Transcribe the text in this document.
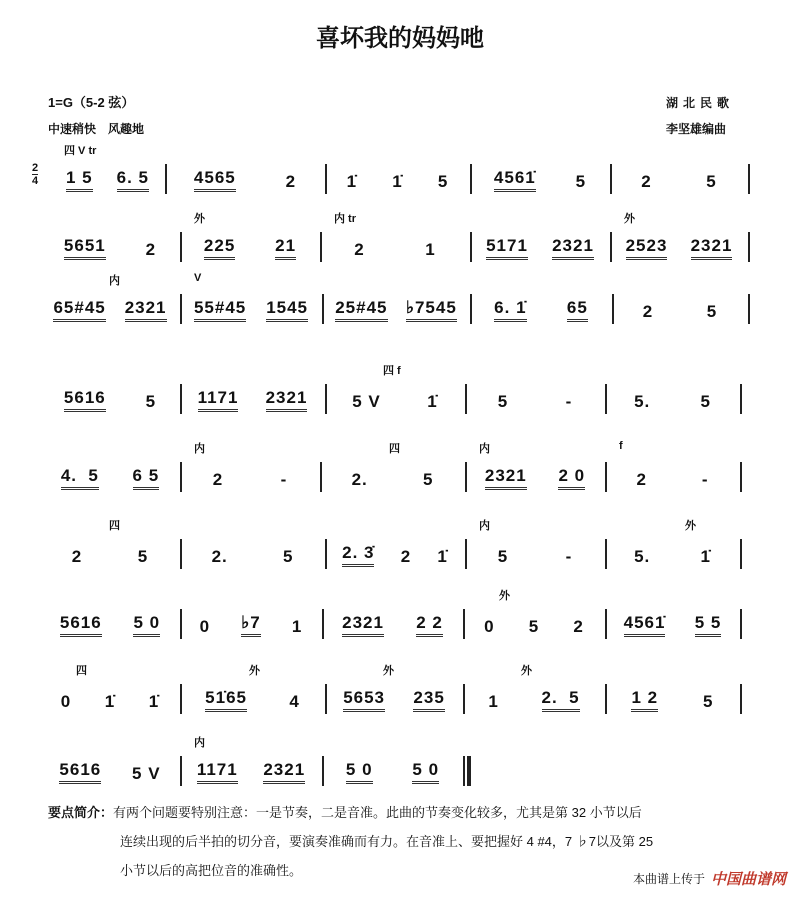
喜坏我的妈妈吔
1=G（5-2 弦）
中速稍快　风趣地
湖北民歌
李坚雄编曲
2
4
四 V tr
1 5 6. 5	4565	2	1̇ 1̇ 5	4561̇ 5	2	5
5651 2
外
225 21
内 tr
2	1	5171 2321
外
2523 2321
　　　　　内
65#45 2321
V
55#45 1545 25#45 ♭7545 6. 1̇ 65	2	5
5616 5 1171 2321
　　　　四 f
5 V	1̇	5	-	5.	5
4.  5 6 5
内
2	-
　　　　　四
2.	5
内
2321 2 0
f
2	-
　　　　　四
2	5	2.	5	2. 3̇ 2 1̇
内
5	-
　　　　　　外
5.	1̇
5616 5 0 0 ♭7 1 2321 2 2
　　外
0 5 2 4561̇ 5 5
　　四
0 1̇ 1̇
　　　　　外
51̇65 4
　　　　外
5653 235
　　　　外
1	2.  5	1 2	5
5616 5 V
内
1171 2321 5 0 5 0
要点简介：有两个问题要特别注意：一是节奏，二是音准。此曲的节奏变化较多，尤其是第 32 小节以后
连续出现的后半拍的切分音，要演奏准确而有力。在音准上、要把握好 4 #4，7 ♭7以及第 25
小节以后的高把位音的准确性。
本曲谱上传于 中国曲谱网
